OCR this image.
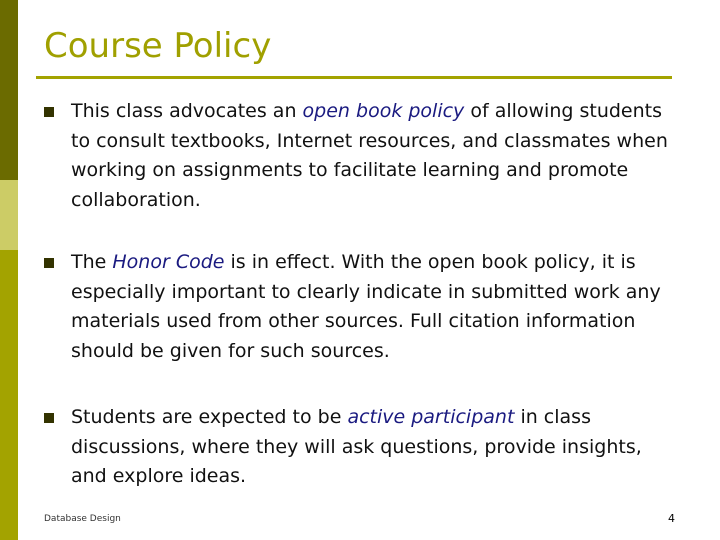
Course Policy
This class advocates an open book policy of allowing students to consult textbooks, Internet resources, and classmates when working on assignments to facilitate learning and promote collaboration.
The Honor Code is in effect. With the open book policy, it is especially important to clearly indicate in submitted work any materials used from other sources. Full citation information should be given for such sources.
Students are expected to be active participant in class discussions, where they will ask questions, provide insights, and explore ideas.
Database Design	4
